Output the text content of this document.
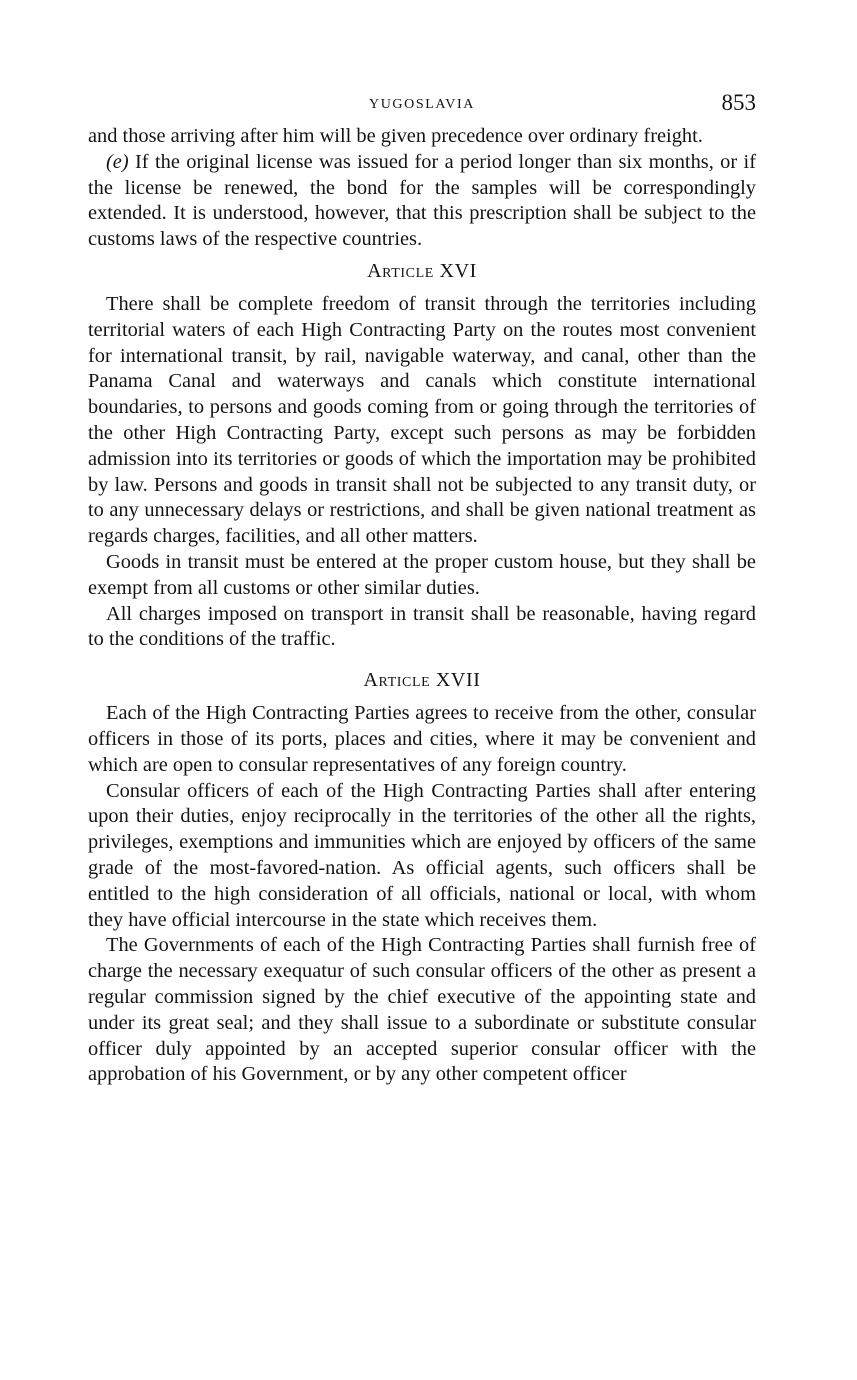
YUGOSLAVIA	853

and those arriving after him will be given precedence over ordinary freight.

(e) If the original license was issued for a period longer than six months, or if the license be renewed, the bond for the samples will be correspondingly extended. It is understood, however, that this prescription shall be subject to the customs laws of the respective countries.

Article XVI

There shall be complete freedom of transit through the territories including territorial waters of each High Contracting Party on the routes most convenient for international transit, by rail, navigable waterway, and canal, other than the Panama Canal and waterways and canals which constitute international boundaries, to persons and goods coming from or going through the territories of the other High Contracting Party, except such persons as may be forbidden admission into its territories or goods of which the importation may be prohibited by law. Persons and goods in transit shall not be subjected to any transit duty, or to any unnecessary delays or restrictions, and shall be given national treatment as regards charges, facilities, and all other matters.

Goods in transit must be entered at the proper custom house, but they shall be exempt from all customs or other similar duties.

All charges imposed on transport in transit shall be reasonable, having regard to the conditions of the traffic.

Article XVII

Each of the High Contracting Parties agrees to receive from the other, consular officers in those of its ports, places and cities, where it may be convenient and which are open to consular representatives of any foreign country.

Consular officers of each of the High Contracting Parties shall after entering upon their duties, enjoy reciprocally in the territories of the other all the rights, privileges, exemptions and immunities which are enjoyed by officers of the same grade of the most-favored-nation. As official agents, such officers shall be entitled to the high consideration of all officials, national or local, with whom they have official intercourse in the state which receives them.

The Governments of each of the High Contracting Parties shall furnish free of charge the necessary exequatur of such consular officers of the other as present a regular commission signed by the chief executive of the appointing state and under its great seal; and they shall issue to a subordinate or substitute consular officer duly appointed by an accepted superior consular officer with the approbation of his Government, or by any other competent officer
